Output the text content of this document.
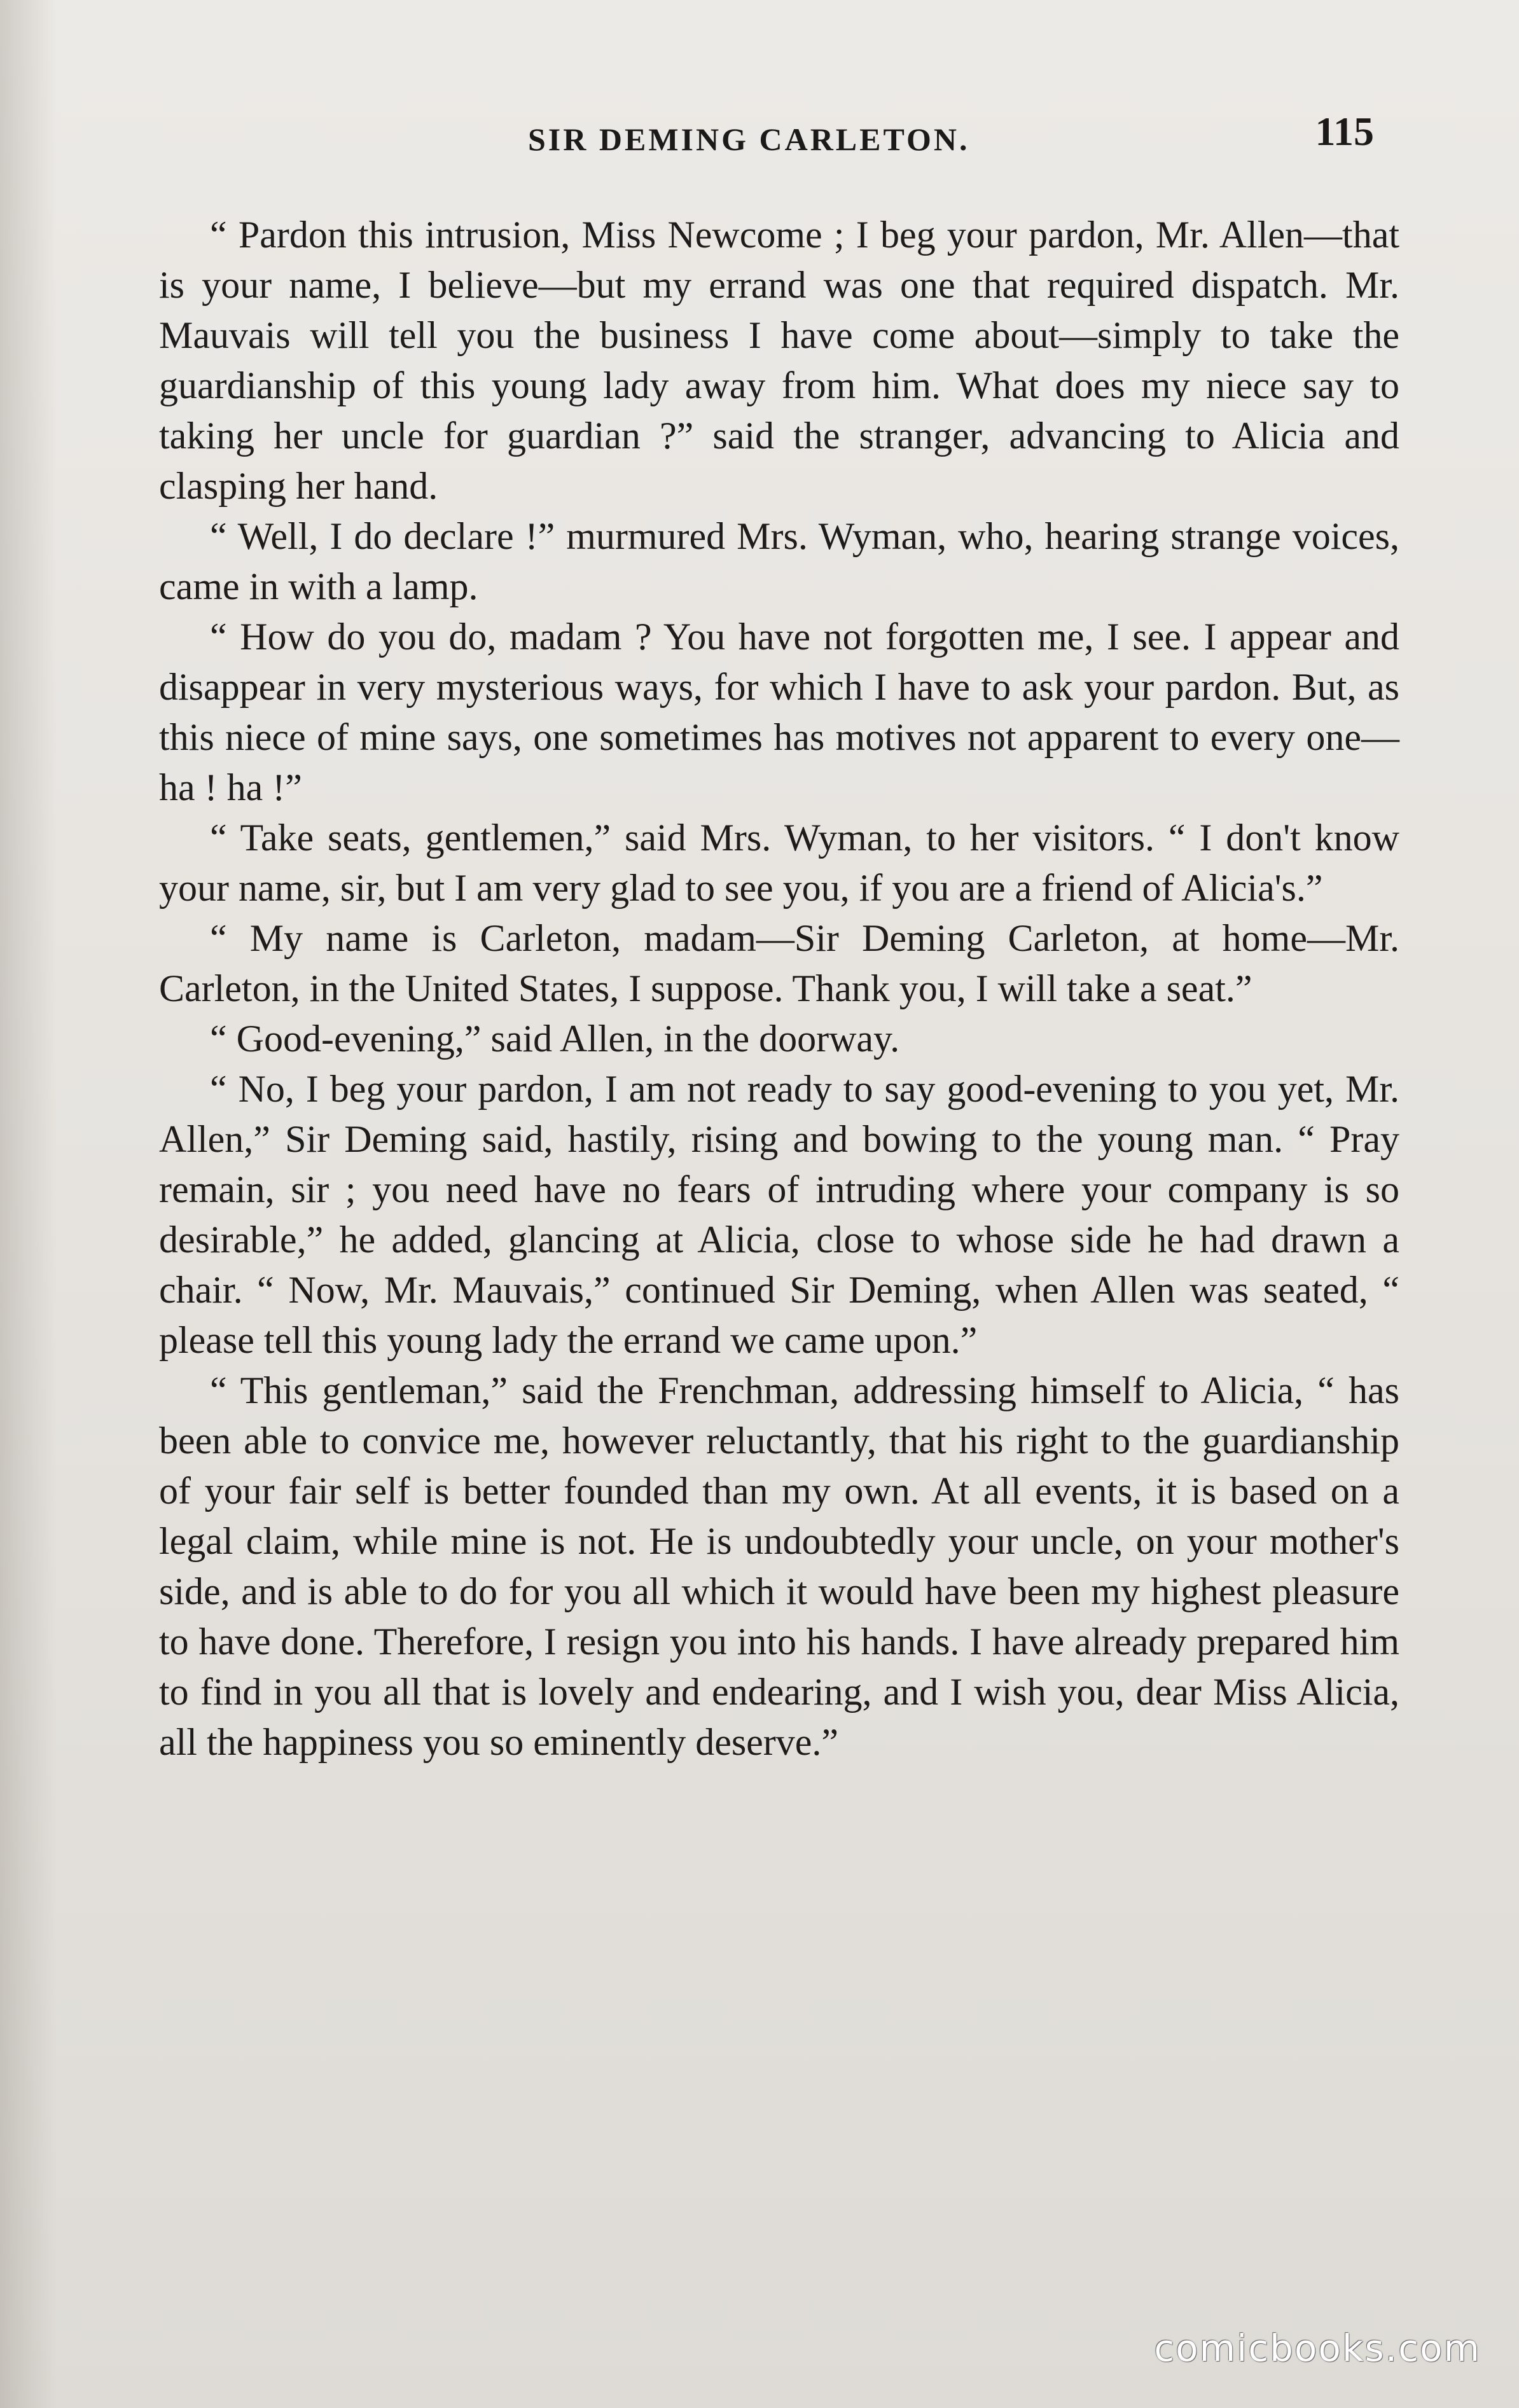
SIR DEMING CARLETON.	115

“ Pardon this intrusion, Miss Newcome ; I beg your pardon, Mr. Allen—that is your name, I believe—but my errand was one that required dispatch. Mr. Mauvais will tell you the business I have come about—simply to take the guardianship of this young lady away from him. What does my niece say to taking her uncle for guardian ?” said the stranger, advancing to Alicia and clasping her hand.

“ Well, I do declare !” murmured Mrs. Wyman, who, hearing strange voices, came in with a lamp.

“ How do you do, madam ? You have not forgotten me, I see. I appear and disappear in very mysterious ways, for which I have to ask your pardon. But, as this niece of mine says, one sometimes has motives not apparent to every one—ha ! ha !”

“ Take seats, gentlemen,” said Mrs. Wyman, to her visitors. “ I don't know your name, sir, but I am very glad to see you, if you are a friend of Alicia's.”

“ My name is Carleton, madam—Sir Deming Carleton, at home—Mr. Carleton, in the United States, I suppose. Thank you, I will take a seat.”

“ Good-evening,” said Allen, in the doorway.

“ No, I beg your pardon, I am not ready to say good-evening to you yet, Mr. Allen,” Sir Deming said, hastily, rising and bowing to the young man. “ Pray remain, sir ; you need have no fears of intruding where your company is so desirable,” he added, glancing at Alicia, close to whose side he had drawn a chair. “ Now, Mr. Mauvais,” continued Sir Deming, when Allen was seated, “ please tell this young lady the errand we came upon.”

“ This gentleman,” said the Frenchman, addressing himself to Alicia, “ has been able to convice me, however reluctantly, that his right to the guardianship of your fair self is better founded than my own. At all events, it is based on a legal claim, while mine is not. He is undoubtedly your uncle, on your mother's side, and is able to do for you all which it would have been my highest pleasure to have done. Therefore, I resign you into his hands. I have already prepared him to find in you all that is lovely and endearing, and I wish you, dear Miss Alicia, all the happiness you so eminently deserve.”

comicbooks.com
